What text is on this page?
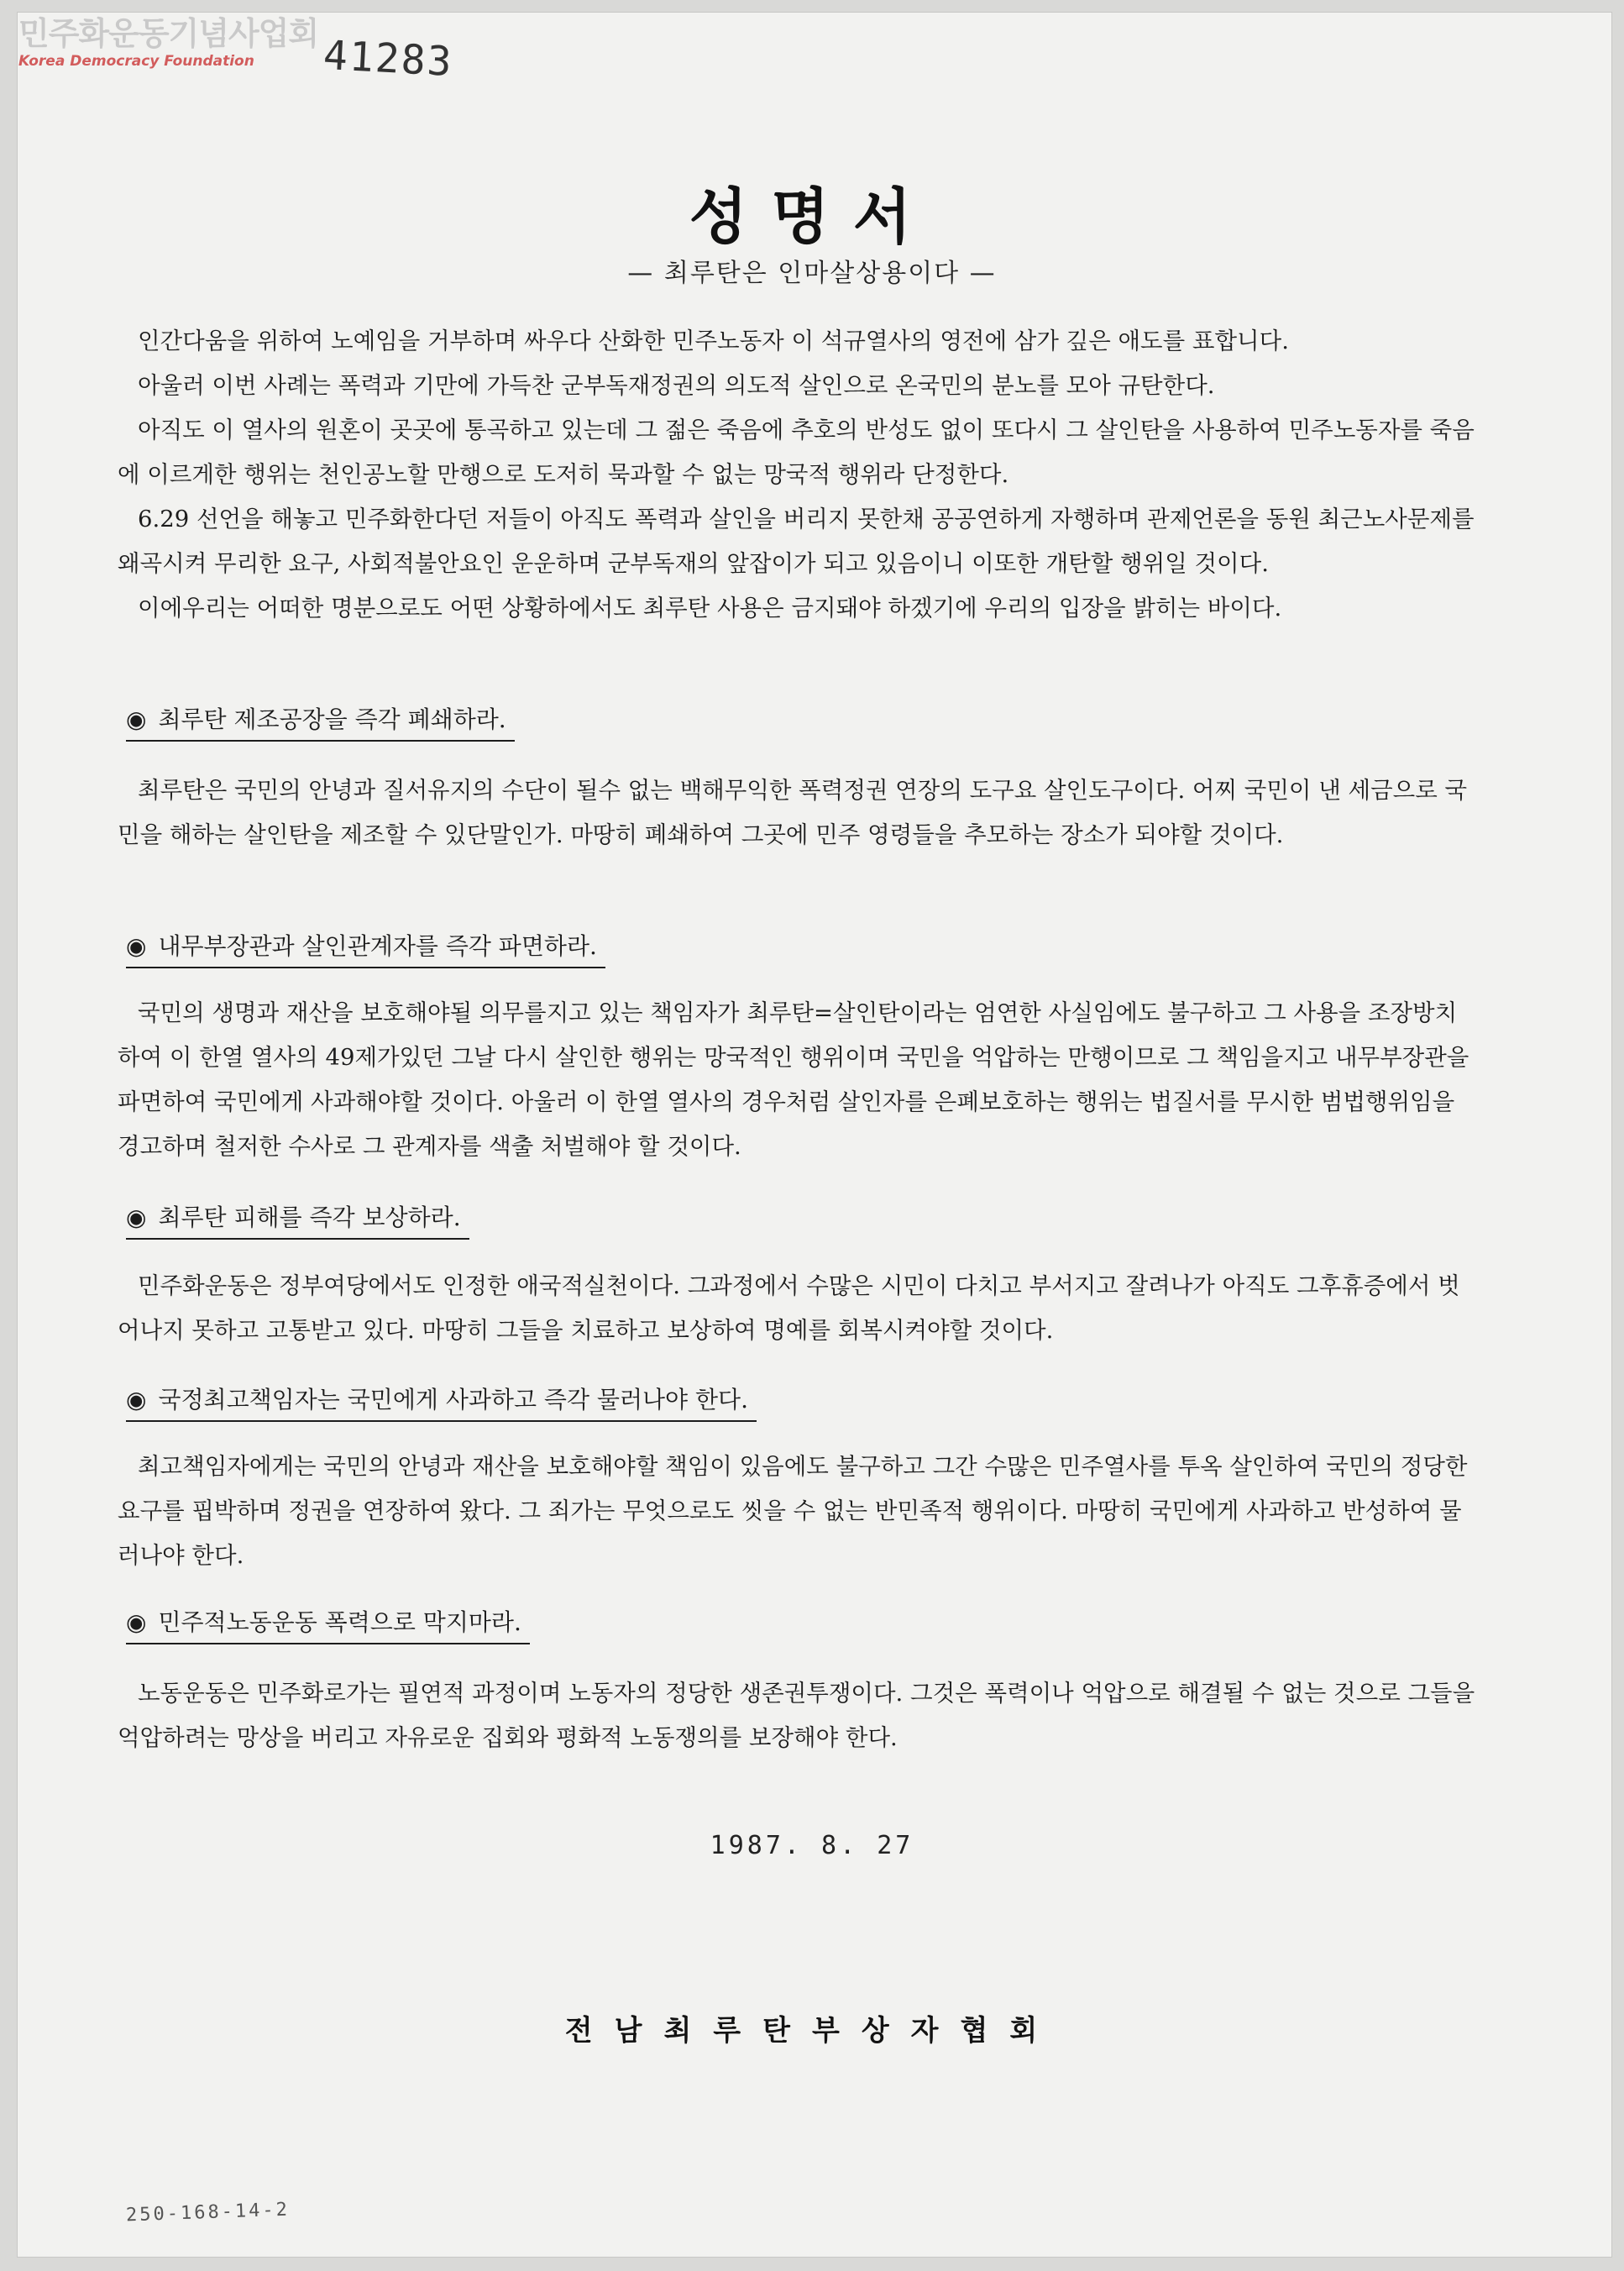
민주화운동기념사업회
Korea Democracy Foundation	41283
성명서
— 최루탄은 인마살상용이다 —

인간다움을 위하여 노예임을 거부하며 싸우다 산화한 민주노동자 이 석규열사의 영전에 삼가 깊은 애도를 표합니다.

아울러 이번 사례는 폭력과 기만에 가득찬 군부독재정권의 의도적 살인으로 온국민의 분노를 모아 규탄한다.

아직도 이 열사의 원혼이 곳곳에 통곡하고 있는데 그 젊은 죽음에 추호의 반성도 없이 또다시 그 살인탄을 사용하여 민주노동자를 죽음에 이르게한 행위는 천인공노할 만행으로 도저히 묵과할 수 없는 망국적 행위라 단정한다.

6.29 선언을 해놓고 민주화한다던 저들이 아직도 폭력과 살인을 버리지 못한채 공공연하게 자행하며 관제언론을 동원 최근노사문제를 왜곡시켜 무리한 요구, 사회적불안요인 운운하며 군부독재의 앞잡이가 되고 있음이니 이또한 개탄할 행위일 것이다.

이에우리는 어떠한 명분으로도 어떤 상황하에서도 최루탄 사용은 금지돼야 하겠기에 우리의 입장을 밝히는 바이다.

◉ 최루탄 제조공장을 즉각 폐쇄하라.

최루탄은 국민의 안녕과 질서유지의 수단이 될수 없는 백해무익한 폭력정권 연장의 도구요 살인도구이다. 어찌 국민이 낸 세금으로 국민을 해하는 살인탄을 제조할 수 있단말인가. 마땅히 폐쇄하여 그곳에 민주 영령들을 추모하는 장소가 되야할 것이다.

◉ 내무부장관과 살인관계자를 즉각 파면하라.

국민의 생명과 재산을 보호해야될 의무를지고 있는 책임자가 최루탄=살인탄이라는 엄연한 사실임에도 불구하고 그 사용을 조장방치하여 이 한열 열사의 49제가있던 그날 다시 살인한 행위는 망국적인 행위이며 국민을 억압하는 만행이므로 그 책임을지고 내무부장관을 파면하여 국민에게 사과해야할 것이다. 아울러 이 한열 열사의 경우처럼 살인자를 은폐보호하는 행위는 법질서를 무시한 범법행위임을 경고하며 철저한 수사로 그 관계자를 색출 처벌해야 할 것이다.

◉ 최루탄 피해를 즉각 보상하라.

민주화운동은 정부여당에서도 인정한 애국적실천이다. 그과정에서 수많은 시민이 다치고 부서지고 잘려나가 아직도 그후휴증에서 벗어나지 못하고 고통받고 있다. 마땅히 그들을 치료하고 보상하여 명예를 회복시켜야할 것이다.

◉ 국정최고책임자는 국민에게 사과하고 즉각 물러나야 한다.

최고책임자에게는 국민의 안녕과 재산을 보호해야할 책임이 있음에도 불구하고 그간 수많은 민주열사를 투옥 살인하여 국민의 정당한 요구를 핍박하며 정권을 연장하여 왔다. 그 죄가는 무엇으로도 씻을 수 없는 반민족적 행위이다. 마땅히 국민에게 사과하고 반성하여 물러나야 한다.

◉ 민주적노동운동 폭력으로 막지마라.

노동운동은 민주화로가는 필연적 과정이며 노동자의 정당한 생존권투쟁이다. 그것은 폭력이나 억압으로 해결될 수 없는 것으로 그들을 억압하려는 망상을 버리고 자유로운 집회와 평화적 노동쟁의를 보장해야 한다.

1987. 8. 27
전남최루탄부상자협회
250-168-14-2
